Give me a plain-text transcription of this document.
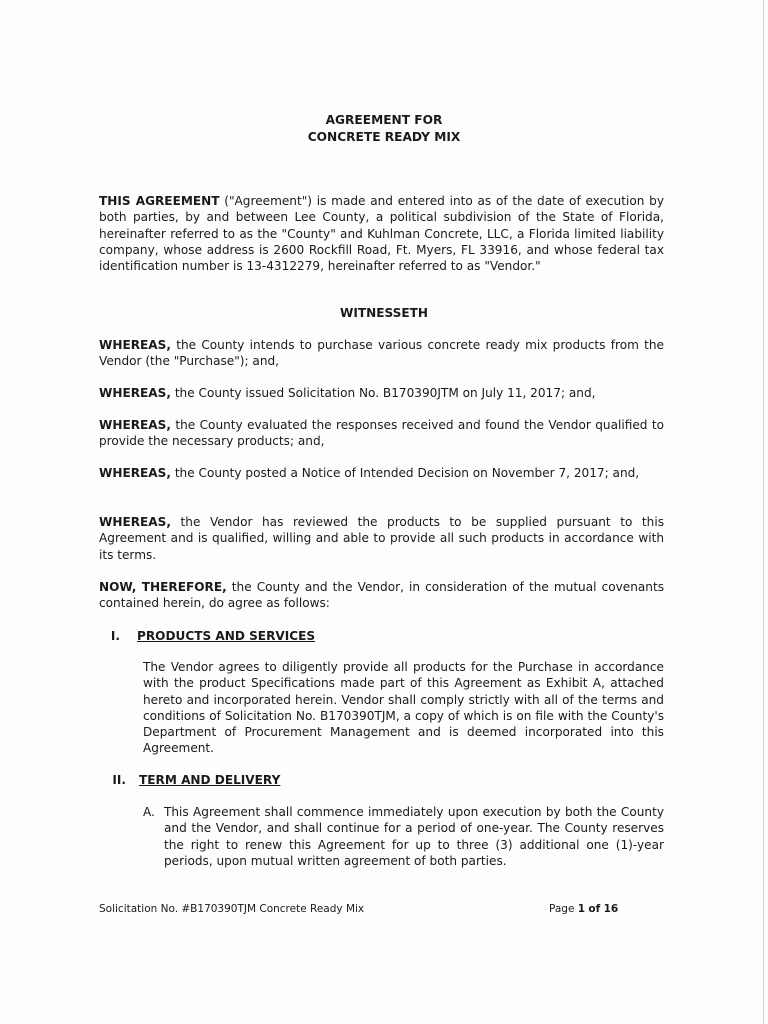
AGREEMENT FOR
CONCRETE READY MIX
THIS AGREEMENT ("Agreement") is made and entered into as of the date of execution by both parties, by and between Lee County, a political subdivision of the State of Florida, hereinafter referred to as the "County" and Kuhlman Concrete, LLC, a Florida limited liability company, whose address is 2600 Rockfill Road, Ft. Myers, FL 33916, and whose federal tax identification number is 13-4312279, hereinafter referred to as "Vendor."
WITNESSETH
WHEREAS, the County intends to purchase various concrete ready mix products from the Vendor (the "Purchase"); and,
WHEREAS, the County issued Solicitation No. B170390JTM on July 11, 2017; and,
WHEREAS, the County evaluated the responses received and found the Vendor qualified to provide the necessary products; and,
WHEREAS, the County posted a Notice of Intended Decision on November 7, 2017; and,
WHEREAS, the Vendor has reviewed the products to be supplied pursuant to this Agreement and is qualified, willing and able to provide all such products in accordance with its terms.
NOW, THEREFORE, the County and the Vendor, in consideration of the mutual covenants contained herein, do agree as follows:
I. PRODUCTS AND SERVICES
The Vendor agrees to diligently provide all products for the Purchase in accordance with the product Specifications made part of this Agreement as Exhibit A, attached hereto and incorporated herein. Vendor shall comply strictly with all of the terms and conditions of Solicitation No. B170390TJM, a copy of which is on file with the County's Department of Procurement Management and is deemed incorporated into this Agreement.
II. TERM AND DELIVERY
A. This Agreement shall commence immediately upon execution by both the County and the Vendor, and shall continue for a period of one-year. The County reserves the right to renew this Agreement for up to three (3) additional one (1)-year periods, upon mutual written agreement of both parties.
Solicitation No. #B170390TJM Concrete Ready Mix	Page 1 of 16
